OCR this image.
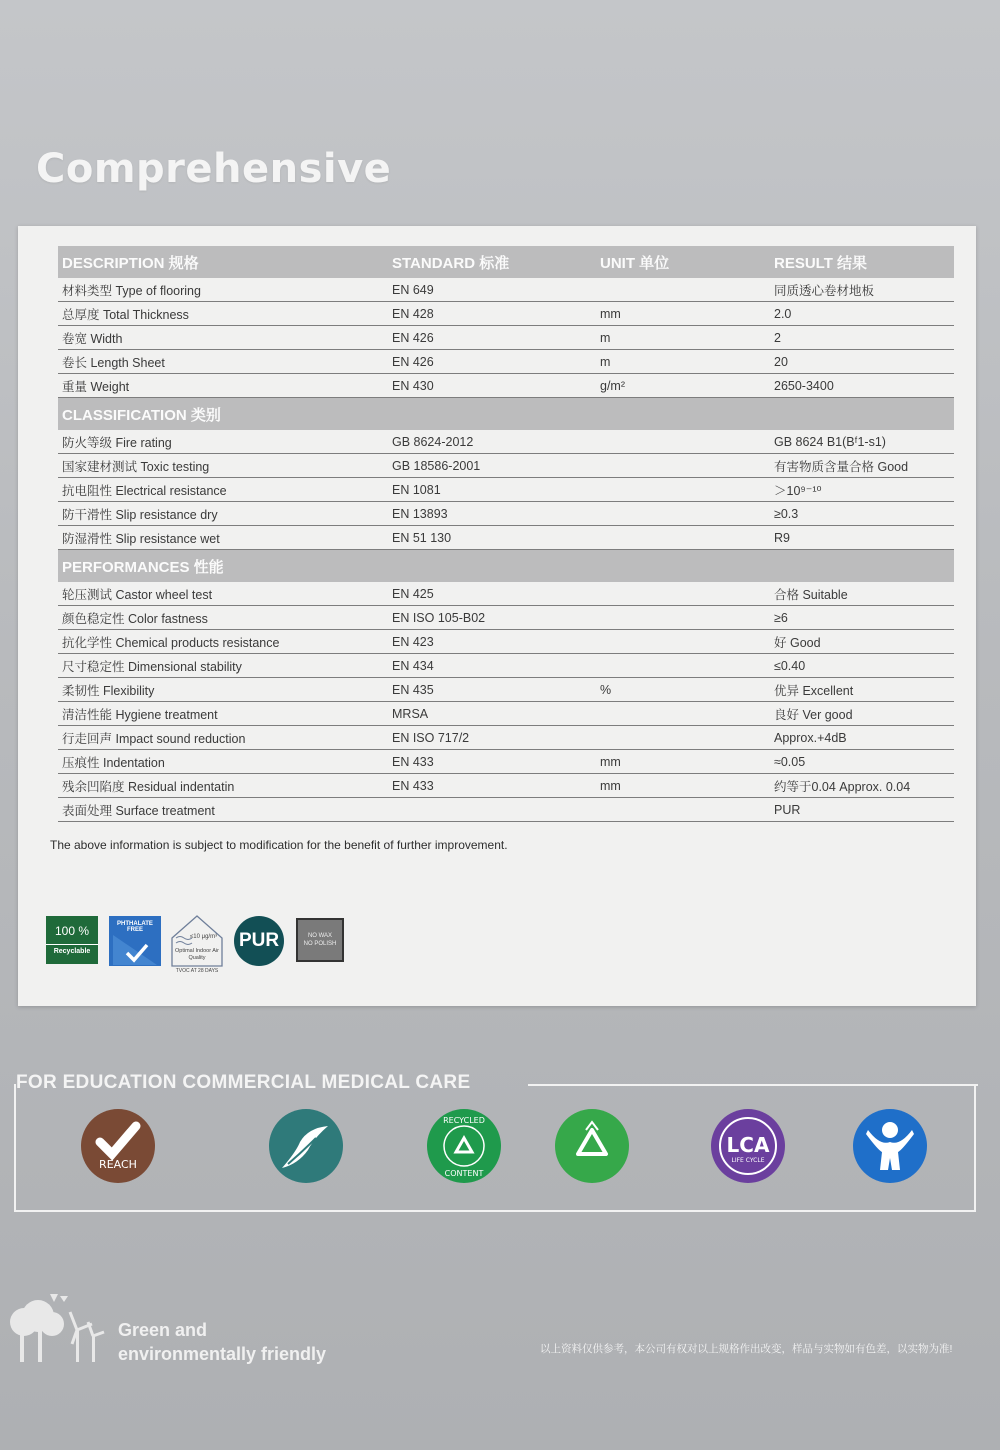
Comprehensive
DESCRIPTION 规格	STANDARD 标准	UNIT 单位	RESULT 结果
材料类型 Type of flooring	EN 649		同质透心卷材地板
总厚度 Total Thickness	EN 428	mm	2.0
卷宽 Width	EN 426	m	2
卷长 Length Sheet	EN 426	m	20
重量 Weight	EN 430	g/m²	2650-3400
CLASSIFICATION 类别			
防火等级 Fire rating	GB 8624-2012		GB 8624 B1(Bᶠ1-s1)
国家建材测试 Toxic testing	GB 18586-2001		有害物质含量合格 Good
抗电阻性 Electrical resistance	EN 1081		＞10⁹⁻¹⁰
防干滑性 Slip resistance dry	EN 13893		≥0.3
防湿滑性 Slip resistance wet	EN 51 130		R9
PERFORMANCES 性能			
轮压测试 Castor wheel test	EN 425		合格 Suitable
颜色稳定性 Color fastness	EN ISO 105-B02		≥6
抗化学性 Chemical products resistance	EN 423		好 Good
尺寸稳定性 Dimensional stability	EN 434		≤0.40
柔韧性 Flexibility	EN 435	%	优异 Excellent
清洁性能 Hygiene treatment	MRSA		良好 Ver good
行走回声 Impact sound reduction	EN ISO 717/2		Approx.+4dB
压痕性 Indentation	EN 433	mm	≈0.05
残余凹陷度 Residual indentatin	EN 433	mm	约等于0.04 Approx. 0.04
表面处理 Surface treatment			PUR
The above information is subject to modification for the benefit of further improvement.
100 %
Recyclable
PHTHALATE FREE
≤10 μg/m³
Optimal Indoor Air Quality
TVOC AT 28 DAYS
PUR	NO WAX
NO POLISH
FOR EDUCATION COMMERCIAL MEDICAL CARE
REACH
RECYCLED
CONTENT
LCA
LIFE CYCLE
Green and
environmentally friendly	以上资料仅供参考，本公司有权对以上规格作出改变，样品与实物如有色差，以实物为准!
